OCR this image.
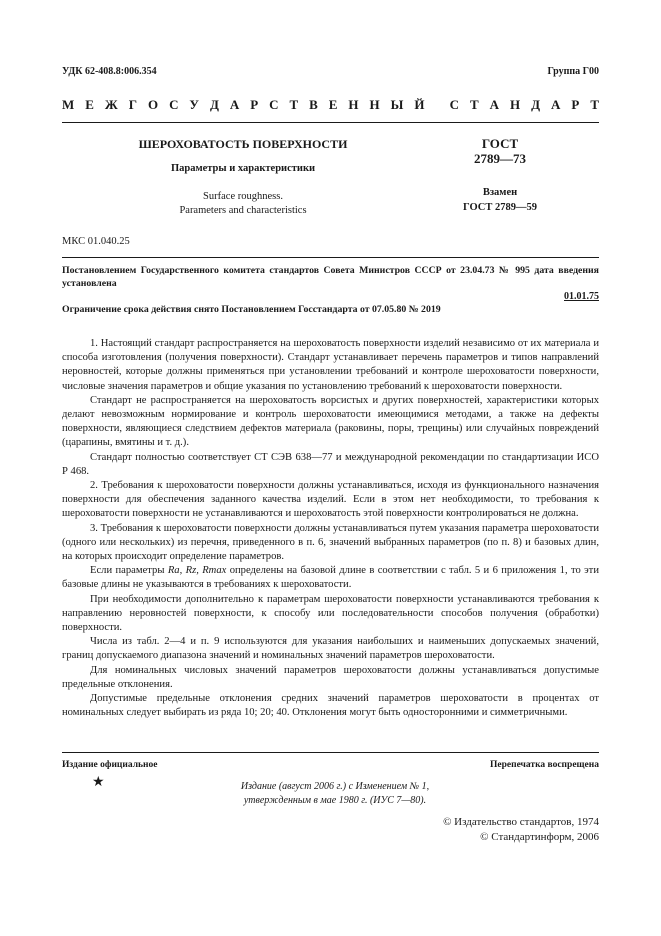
УДК 62-408.8:006.354	Группа Г00
М Е Ж Г О С У Д А Р С Т В Е Н Н Ы Й
С Т А Н Д А Р Т
ШЕРОХОВАТОСТЬ ПОВЕРХНОСТИ
Параметры и характеристики
Surface roughness.
Parameters and characteristics
ГОСТ
2789—73
Взамен
ГОСТ 2789—59
МКС 01.040.25
Постановлением Государственного комитета стандартов Совета Министров СССР от 23.04.73 № 995 дата введения установлена
01.01.75
Ограничение срока действия снято Постановлением Госстандарта от 07.05.80 № 2019

1. Настоящий стандарт распространяется на шероховатость поверхности изделий независимо от их материала и способа изготовления (получения поверхности). Стандарт устанавливает перечень параметров и типов направлений неровностей, которые должны применяться при установлении требований и контроле шероховатости поверхности, числовые значения параметров и общие указания по установлению требований к шероховатости поверхности.

Стандарт не распространяется на шероховатость ворсистых и других поверхностей, характеристики которых делают невозможным нормирование и контроль шероховатости имеющимися методами, а также на дефекты поверхности, являющиеся следствием дефектов материала (раковины, поры, трещины) или случайных повреждений (царапины, вмятины и т. д.).

Стандарт полностью соответствует СТ СЭВ 638—77 и международной рекомендации по стандартизации ИСО Р 468.

2. Требования к шероховатости поверхности должны устанавливаться, исходя из функционального назначения поверхности для обеспечения заданного качества изделий. Если в этом нет необходимости, то требования к шероховатости поверхности не устанавливаются и шероховатость этой поверхности контролироваться не должна.

3. Требования к шероховатости поверхности должны устанавливаться путем указания параметра шероховатости (одного или нескольких) из перечня, приведенного в п. 6, значений выбранных параметров (по п. 8) и базовых длин, на которых происходит определение параметров.

Если параметры Ra, Rz, Rmax определены на базовой длине в соответствии с табл. 5 и 6 приложения 1, то эти базовые длины не указываются в требованиях к шероховатости.

При необходимости дополнительно к параметрам шероховатости поверхности устанавливаются требования к направлению неровностей поверхности, к способу или последовательности способов получения (обработки) поверхности.

Числа из табл. 2—4 и п. 9 используются для указания наибольших и наименьших допускаемых значений, границ допускаемого диапазона значений и номинальных значений параметров шероховатости.

Для номинальных числовых значений параметров шероховатости должны устанавливаться допустимые предельные отклонения.

Допустимые предельные отклонения средних значений параметров шероховатости в процентах от номинальных следует выбирать из ряда 10; 20; 40. Отклонения могут быть односторонними и симметричными.

Издание официальное	Перепечатка воспрещена
★	Издание (август 2006 г.) с Изменением № 1,
утвержденным в мае 1980 г. (ИУС 7—80).
© Издательство стандартов, 1974
© Стандартинформ, 2006
